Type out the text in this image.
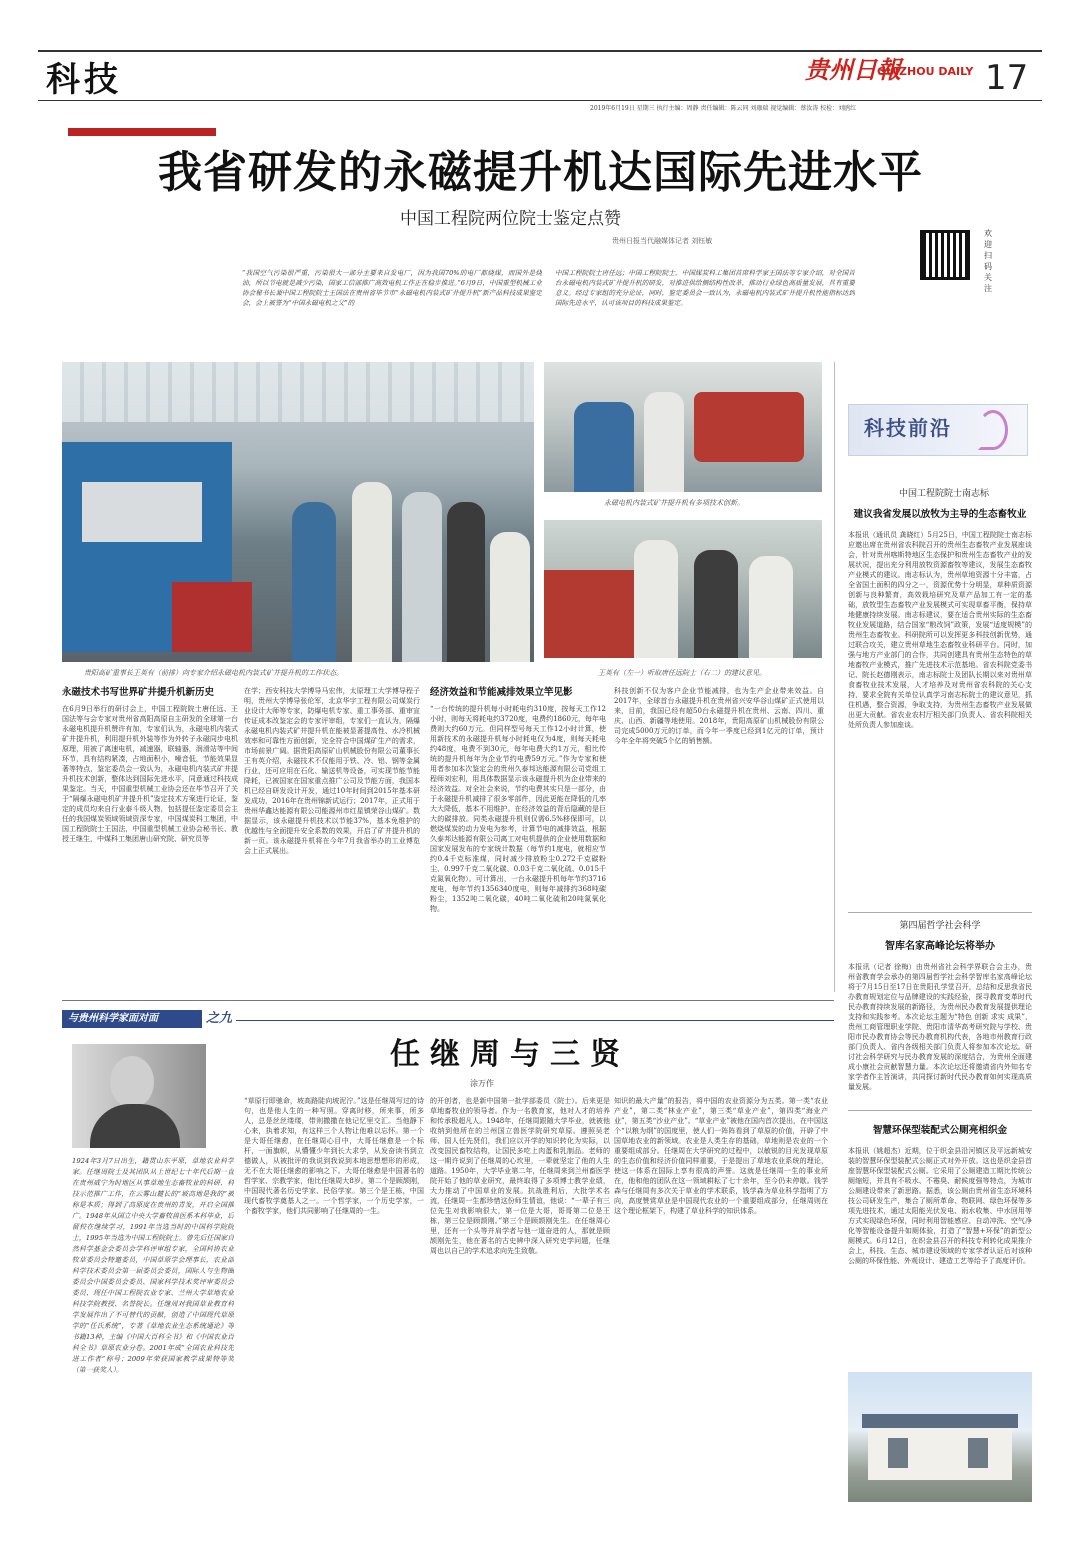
科技	贵州日報
GUIZHOU DAILY 17
2019年6月19日 星期三 执行主编：周静 责任编辑：陈云同 刘珈瑞 视觉编辑：蔡汝涛 校检：刘鸥红
我省研发的永磁提升机达国际先进水平
中国工程院两位院士鉴定点赞
贵州日报当代融媒体记者 刘钰敏
欢迎扫码关注
“我国空气污染很严重，污染很大一部分主要来自发电厂，因为我国70%的电厂都烧煤，而国外是烧油，所以节电就是减少污染，国家工信部推广高效电机工作正在稳步推进。”6月9日，中国重型机械工业协会秘书长兼中国工程院院士王国法在贵州省毕节市“永磁电机内装式矿井提升机”新产品科技成果鉴定会，会上被誉为“中国永磁电机之父”的
中国工程院院士唐任远；中国工程院院士，中国煤炭科工集团首席科学家王国法等专家介绍，对全国首台永磁电机内装式矿井提升机的研发，对推进供给侧结构性改革，推动行业绿色高质量发展，具有重要意义。经过专家组的充分论证，同时，鉴定委员会一致认为，永磁电机内装式矿井提升机性能指标达到国际先进水平，认可该项目的科技成果鉴定。
贵阳高矿重事长王英有（前排）向专家介绍永磁电机内装式矿井提升机的工作状态。
永磁电机内装式矿井提升机有多项技术创新。
王英有（左一）听取唐任远院士（右二）的建议意见。
永磁技术书写世界矿井提升机新历史
在6月9日举行的研讨会上，中国工程院院士唐任远、王国法等与会专家对贵州省高阳高原自主研发的全球第一台永磁电机提升机赞许有加，专家们认为，永磁电机内装式矿井提升机，利用提升机外装等作为外转子永磁同步电机原理，用被了离速电机，减速器，联轴器，润滑站等中间环节，具有结构紧凑，占地面积小，噪音低，节能效果显著等特点，鉴定委员会一致认为，永磁电机内装式矿井提升机技术创新，整体达到国际先进水平，同意通过科技成果鉴定。当天，中国重型机械工业协会还在毕节召开了关于“隔爆永磁电机矿井提升机”鉴定技术方案进行论证，鉴定的成员均来自行业泰斗级人物，包括提任鉴定委员会主任的我国煤炭领域领域资深专家，中国煤炭科工集团，中国工程院院士王国法，中国重型机械工业协会秘书长、教授王继生，中煤科工集团唐山研究院、研究员等
在学；西安科技大学博导马宏伟，太原理工大学博导程子明，贵州大学博导张伦军，北京华宇工程有限公司煤炭行业设计大师等专家，防爆电机专家、重工事务部、重审宣传证成本改鉴定会的专家评审组，专家们一直认为，隔爆永磁电机内装式矿井提升机在能被显著提高性、水冷机械效率和可靠性方面创新，完全符合中国煤矿生产的需求，市场前景广阔。据贵阳高原矿山机械股份有限公司董事长王有英介绍，永磁技术不仅能用于铁、冷、铝、钢等金属行业，还可应用在石化、输送机等设备，可实现节能节能降耗，已被国家在国家重点推广公司及节能方面，我国本机已经自研发设计开发，通过10年时间到2015年基本研发成功，2016年在贵州锦新试运行；2017年，正式用于贵州华鑫达能源有限公司能源州市红星镇荣谷山煤矿。数据显示，该永磁提升机技术以节能37%，基本免维护的优越性与全面提升安全系数的效果，开启了矿井提升机的新一页。该永磁提升机将在今年7月我省举办的工业博览会上正式展出。
经济效益和节能减排效果立竿见影
“一台传统的提升机每小时耗电约310度，按每天工作12小时，则每天将耗电约3720度，电费约1860元，每年电费则大约60万元。但同样型号每天工作12小时计算，使用新技术的永磁提升机每小时耗电仅为4度，则每天耗电约48度，电费不到30元，每年电费大约1万元，相比传统的提升机每年为企业节约电费59万元。”作为专家和使用者参加本次鉴定会的贵州久泰邦达能源有限公司党组工程师刘宏利，用具体数据显示该永磁提升机为企业带来的经济效益。对全社会来说，节约电费其实只是一部分，由于永磁提升机减排了很多零部件，因此更能在降低的几率大大降低，基本不用维护。在经济效益的背后隐藏的是巨大的碳排放。同类永磁提升机则仅需6.5%移保即可，以燃烧煤炭的动力发电为参考，计算节电的减排效益，根据久泰邦达能源有限公司离工对电机提供的企业使用数据和国家发展发布的专家统计数据（每节约1度电，就相应节约0.4千克标准煤，同时减少排放粉尘0.272千克碳粉尘、0.997千克二氧化碳、0.03千克二氧化硫、0.015千克氮氧化物）。可计算出，一台永磁提升机每年节约3716度电，每年节约1356340度电，则每年减排约368吨碳粉尘，1352吨二氧化碳，40吨二氧化硫和20吨氮氧化物。
科技创新不仅为客户企业节能减排，也为生产企业带来效益。自2017年，全球首台永磁提升机在贵州省兴安华谷山煤矿正式使用以来，目前，我国已经有超50台永磁提升机在贵州、云南、四川、重庆、山西、新疆等地使用。2018年，贵阳高原矿山机械股份有限公司完成5000万元的订单，而今年一季度已经到1亿元的订单，预计今年全年将突破5个亿的销售额。
与贵州科学家面对面	之九
任继周与三贤
涂万作
1924年3月7日出生，籍贯山东平原，草地农业科学家。任继周院士及其团队从上世纪七十年代后期一直在贵州威宁为时地区从事草地生态畜牧业的科研、科技示范推广工作，在云雾山麓长的“坡高地是我的”被称是本质；得到了高原度在贵州的青发，开启全国推广。1948年从国立中央大学畜牧兽医系本科毕业，后留校在继续学习，1991年当选当时的中国科学院院士，1995年当选为中国工程院院士。曾先后任国家自然科学基金会委员会学科评审组专家，全国科协农业牧草委员会特邀委员，中国草原学会理事长，农业部科学技术委员会第一届委员会委员，国际人与生物圈委员会中国委员会委员、国家科学技术奖评审委员会委员、现任中国工程院农业专家、兰州大学草地农业科技学院教授、名誉院长。任继周对我国草业教育科学发展作出了不可替代的贡献，创造了中国现代草原学的“任氏系统”，专著《草地农业生态系统通论》等书籍13种，主编《中国大百科全书》和《中国农业百科全书》草原农业分卷。2001年成“全国农业科技先进工作者”称号；2009年荣获国家教学成果特等奖（第一获奖人）。
“草原行即驰命，坡高路陡向坡泥泞。”这是任继周写过的诗句，也是他人生的一种写照。穿离时移，所来事，所多人，总是丝丝缕缕，带则撒撒在他记忆里交汇。当他静下心来，执着求知，有这样三个人物让他难以忘怀。第一个是大哥任继愈，在任继周心目中，大哥任继愈是一个标杆，一面旗帜，从懵懂少年到长大求学，从发奋读书到立德做人，从被批评的我说到我说到本地思想想形的形成，无不在大哥任继愈的影响之下。大哥任继愈是中国著名的哲学家、宗教学家，他比任继周大8岁。第二个是顾颉刚，中国现代著名历史学家、民俗学家。第三个是王栋，中国现代畜牧学奠基人之一。一个哲学家，一个历史学家，一个畜牧学家，他们共同影响了任继周的一生。
的开创者，也是新中国第一批学部委员（院士）。后来更是草地畜牧业的领导者。作为一名教育家，他对人才的培养和传承极超凡人。1948年，任继周跟随大学毕业，就被他收纳到他所在的兰州国立兽医学院研究草原。遵照吴老师、国人任先贤们，我们应以开学的知识转化为实际，以改变国民畜牧结构，让国民多吃上肉蛋和乳制品。老师的这一期许说到了任继周的心坎里，一辈就坚定了他的人生道路。1950年，大学毕业第二年，任继周来到兰州畜医学院开始了他的草业研究，最终取得了多项博士教学业绩，大力推动了中国草业的发展。抗战胜利后，大批学术名流，任继周一生都珍惜这份师生情谊，他说：“一辈子有三位先生对我影响很大，第一位是大哥，哥哥第二位是王栋，第三位是顾颉刚。”第三个是顾颉刚先生。在任继周心里，还有一个头等并肩学者与他一道奋进的人，那就是顾颉刚先生，他在著名的古史辨中深入研究史学问题，任继周也以自己的学术追求向先生致敬。
知识的最大产量”的报告，将中国的农业资源分为五类。第一类“农业产业”，第二类“林业产业”，第三类“草业产业”，第四类“海业产业”，第五类“沙业产业”。“草业产业”被他在国内首次提出，在中国这个“以粮为纲”的国度里，使人们一阵阵看到了草原的价值，开辟了中国草地农业的新领域。农业是人类生存的基础，草地则是农业的一个重要组成部分。任继周在大学研究的过程中，以敏锐的目光发现草原的生态价值和经济价值同样重要，于是提出了草地农业系统的理论，使这一体系在国际上享有很高的声誉。这就是任继周一生的事业所在，他和他的团队在这一领域耕耘了七十余年，至今仍未停歇。钱学森与任继周有多次关于草业的学术联系，钱学森为草业科学指明了方向，高度赞赏草业是中国现代农业的一个重要组成部分，任继周则在这个理论框架下，构建了草业科学的知识体系。
科技前沿
中国工程院院士南志标
建议我省发展以放牧为主导的生态畜牧业
本报讯（通讯员 龚晓红）5月25日，中国工程院院士南志标应邀出席在贵州省农科院召开的贵州生态畜牧产业发展座谈会，针对贵州喀斯特地区生态保护和贵州生态畜牧产业的发展状况，提出充分利用放牧资源畜牧等建议，发展生态畜牧产业模式的建议。南志标认为，贵州草地资源十分丰富，占全省国土面积的四分之一，资源优势十分明显，草种质资源创新与良种繁育，高效栽培研究及草产品加工有一定的基础，放牧型生态畜牧产业发展模式可实现草畜平衡，保持草地健康持续发展。南志标建议，要在适合贵州实际的生态畜牧业发展道路，结合国家“粮改饲”政策，发展“适度规模”的贵州生态畜牧业。科研院所可以发挥更多科技创新优势，通过联合攻关，建立贵州草地生态畜牧业科研平台。同时，加强与地方产业部门的合作，共同创建具有贵州生态特色的草地畜牧产业模式，推广先进技术示范基地。省农科院党委书记、院长赵德刚表示，南志标院士及团队长期以来对贵州草食畜牧业技术发展，人才培养及对贵州省农科院的关心支持，要求全院有关单位认真学习南志标院士的建议意见，抓住机遇，整合资源，争取支持，为贵州生态畜牧产业发展做出更大贡献。省农业农村厅相关部门负责人、省农科院相关处所负责人参加座谈。
第四届哲学社会科学
智库名家高峰论坛将举办
本报讯（记者 徐梅）由贵州省社会科学界联合会主办，贵州省教育学会承办的第四届哲学社会科学智库名家高峰论坛将于7月15日至17日在贵阳孔学堂召开，总结和反思我省民办教育规划定位与品牌建设的实践经验，探寻教育变革时代民办教育持续发展的新路径，为贵州民办教育发展提供理论支持和实践参考。本次论坛主题为“特色 创新 求实 成果”，贵州工商管理职业学院、贵阳市清华高考研究院与学校、贵阳市民办教育协会等民办教育机构代表，各地市州教育行政部门负责人、省内各级相关部门负责人将参加本次论坛。研讨社会科学研究与民办教育发展的深度结合，为贵州全面建成小康社会贡献智慧力量。本次论坛还将邀请省内外知名专家学者作主旨演讲，共同探讨新时代民办教育如何实现高质量发展。
智慧环保型装配式公厕亮相织金
本报讯（姚超杰）近期，位于织金县沿河镇区及平远新城安装的智慧环保型装配式公厕正式对外开放。这也是织金县首座智慧环保型装配式公厕。它采用了公厕建造工期比传统公厕缩短，并具有不吸水、不霉臭、耐候度强等特点，为城市公厕建设带来了新思路。据悉，该公厕由贵州省生态环境科技公司研发生产，集合了厕所革命、物联网、绿色环保等多项先进技术，通过太阳能光伏发电、雨水收集、中水回用等方式实现绿色环保，同时利用智能感应、自动冲洗、空气净化等智能设备提升如厕体验，打造了“智慧+环保”的新型公厕模式。6月12日，在织金县召开的科技专利转化成果推介会上，科技、生态、城市建设领域的专家学者认证后对该种公厕的环保性能、外观设计、建造工艺等给予了高度评价。
